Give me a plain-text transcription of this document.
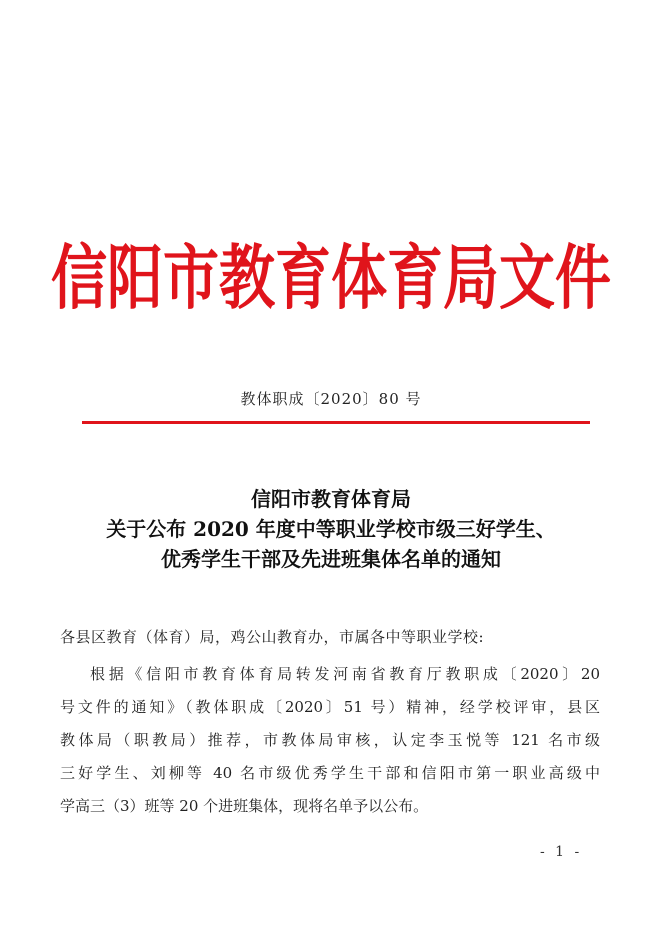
信阳市教育体育局文件
教体职成〔2020〕80 号
信阳市教育体育局
关于公布 2020 年度中等职业学校市级三好学生、
优秀学生干部及先进班集体名单的通知
各县区教育（体育）局，鸡公山教育办，市属各中等职业学校:
根据《信阳市教育体育局转发河南省教育厅教职成〔2020〕20
号文件的通知》（教体职成〔2020〕51 号）精神，经学校评审，县区
教体局（职教局）推荐，市教体局审核，认定李玉悦等 121 名市级
三好学生、刘柳等 40 名市级优秀学生干部和信阳市第一职业高级中
学高三（3）班等 20 个进班集体，现将名单予以公布。
- 1 -
